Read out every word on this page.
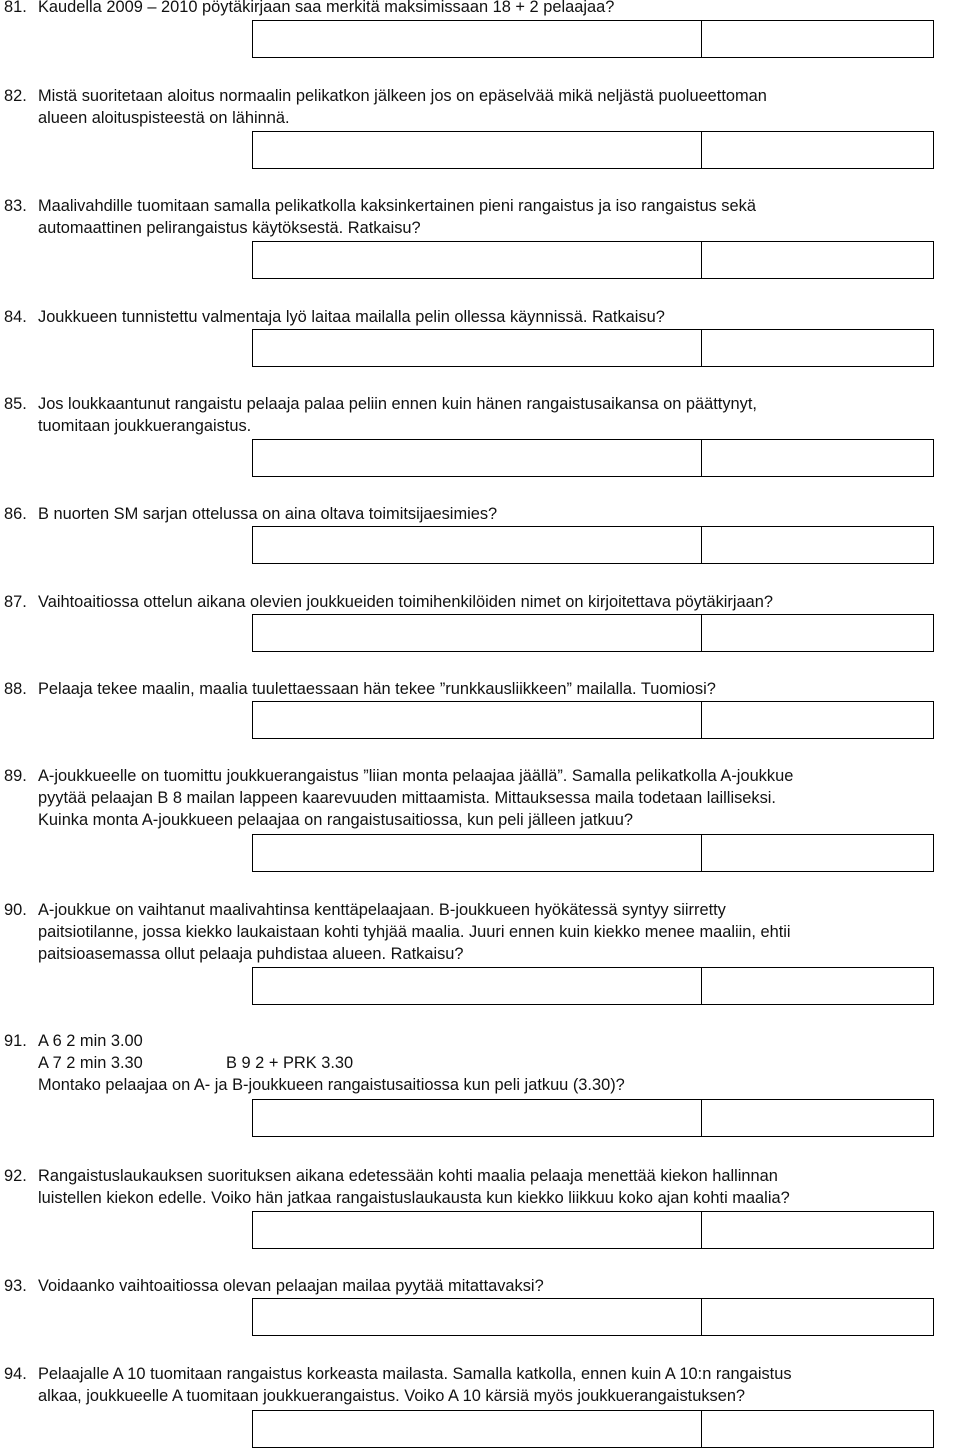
81. Kaudella 2009 – 2010 pöytäkirjaan saa merkitä maksimissaan 18 + 2 pelaajaa?
82. Mistä suoritetaan aloitus normaalin pelikatkon jälkeen jos on epäselvää mikä neljästä puolueettoman
alueen aloituspisteestä on lähinnä.
83. Maalivahdille tuomitaan samalla pelikatkolla kaksinkertainen pieni rangaistus ja iso rangaistus sekä
automaattinen pelirangaistus käytöksestä. Ratkaisu?
84. Joukkueen tunnistettu valmentaja lyö laitaa mailalla pelin ollessa käynnissä. Ratkaisu?
85. Jos loukkaantunut rangaistu pelaaja palaa peliin ennen kuin hänen rangaistusaikansa on päättynyt,
tuomitaan joukkuerangaistus.
86. B nuorten SM sarjan ottelussa on aina oltava toimitsijaesimies?
87. Vaihtoaitiossa ottelun aikana olevien joukkueiden toimihenkilöiden nimet on kirjoitettava pöytäkirjaan?
88. Pelaaja tekee maalin, maalia tuulettaessaan hän tekee ”runkkausliikkeen” mailalla. Tuomiosi?
89. A-joukkueelle on tuomittu joukkuerangaistus ”liian monta pelaajaa jäällä”. Samalla pelikatkolla A-joukkue
pyytää pelaajan B 8 mailan lappeen kaarevuuden mittaamista. Mittauksessa maila todetaan lailliseksi.
Kuinka monta A-joukkueen pelaajaa on rangaistusaitiossa, kun peli jälleen jatkuu?
90. A-joukkue on vaihtanut maalivahtinsa kenttäpelaajaan. B-joukkueen hyökätessä syntyy siirretty
paitsiotilanne, jossa kiekko laukaistaan kohti tyhjää maalia. Juuri ennen kuin kiekko menee maaliin, ehtii
paitsioasemassa ollut pelaaja puhdistaa alueen. Ratkaisu?
91. A 6 2 min 3.00
A 7 2 min 3.30	B 9 2 + PRK 3.30
Montako pelaajaa on A- ja B-joukkueen rangaistusaitiossa kun peli jatkuu (3.30)?
92. Rangaistuslaukauksen suorituksen aikana edetessään kohti maalia pelaaja menettää kiekon hallinnan
luistellen kiekon edelle. Voiko hän jatkaa rangaistuslaukausta kun kiekko liikkuu koko ajan kohti maalia?
93. Voidaanko vaihtoaitiossa olevan pelaajan mailaa pyytää mitattavaksi?
94. Pelaajalle A 10 tuomitaan rangaistus korkeasta mailasta. Samalla katkolla, ennen kuin A 10:n rangaistus
alkaa, joukkueelle A tuomitaan joukkuerangaistus. Voiko A 10 kärsiä myös joukkuerangaistuksen?
